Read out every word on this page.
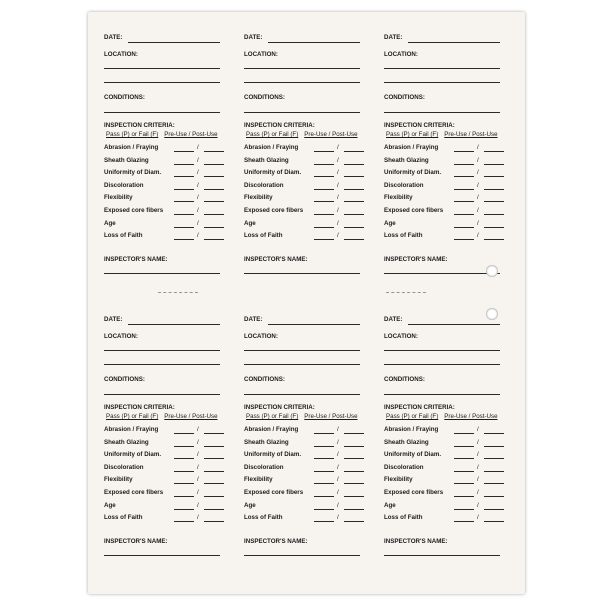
DATE:
LOCATION:
CONDITIONS:
INSPECTION CRITERIA:
Pass (P) or Fail (F) Pre-Use / Post-Use
Abrasion / Fraying	/
Sheath Glazing	/
Uniformity of Diam.	/
Discoloration	/
Flexibility	/
Exposed core fibers	/
Age	/
Loss of Faith	/
INSPECTOR'S NAME:
DATE:
LOCATION:
CONDITIONS:
INSPECTION CRITERIA:
Pass (P) or Fail (F) Pre-Use / Post-Use
Abrasion / Fraying	/
Sheath Glazing	/
Uniformity of Diam.	/
Discoloration	/
Flexibility	/
Exposed core fibers	/
Age	/
Loss of Faith	/
INSPECTOR'S NAME:
DATE:
LOCATION:
CONDITIONS:
INSPECTION CRITERIA:
Pass (P) or Fail (F) Pre-Use / Post-Use
Abrasion / Fraying	/
Sheath Glazing	/
Uniformity of Diam.	/
Discoloration	/
Flexibility	/
Exposed core fibers	/
Age	/
Loss of Faith	/
INSPECTOR'S NAME:
DATE:
LOCATION:
CONDITIONS:
INSPECTION CRITERIA:
Pass (P) or Fail (F) Pre-Use / Post-Use
Abrasion / Fraying	/
Sheath Glazing	/
Uniformity of Diam.	/
Discoloration	/
Flexibility	/
Exposed core fibers	/
Age	/
Loss of Faith	/
INSPECTOR'S NAME:
DATE:
LOCATION:
CONDITIONS:
INSPECTION CRITERIA:
Pass (P) or Fail (F) Pre-Use / Post-Use
Abrasion / Fraying	/
Sheath Glazing	/
Uniformity of Diam.	/
Discoloration	/
Flexibility	/
Exposed core fibers	/
Age	/
Loss of Faith	/
INSPECTOR'S NAME:
DATE:
LOCATION:
CONDITIONS:
INSPECTION CRITERIA:
Pass (P) or Fail (F) Pre-Use / Post-Use
Abrasion / Fraying	/
Sheath Glazing	/
Uniformity of Diam.	/
Discoloration	/
Flexibility	/
Exposed core fibers	/
Age	/
Loss of Faith	/
INSPECTOR'S NAME:
